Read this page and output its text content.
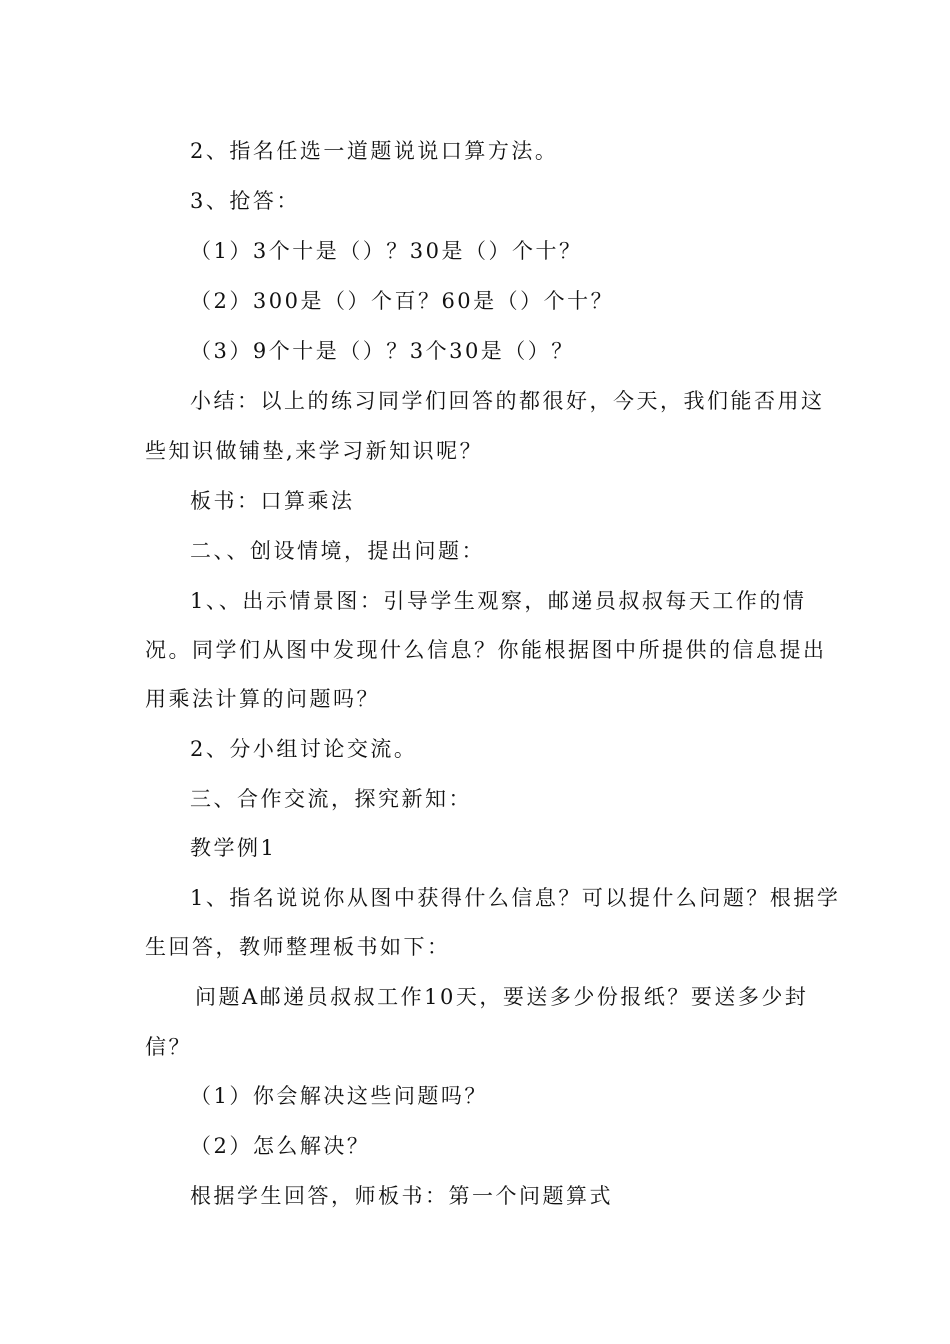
2、指名任选一道题说说口算方法。
3、抢答：
（1）3个十是（）？30是（）个十？
（2）300是（）个百？60是（）个十？
（3）9个十是（）？3个30是（）？
小结：以上的练习同学们回答的都很好，今天，我们能否用这
些知识做铺垫,来学习新知识呢？
板书：口算乘法
二、、创设情境，提出问题：
1、、出示情景图：引导学生观察，邮递员叔叔每天工作的情
况。同学们从图中发现什么信息？你能根据图中所提供的信息提出
用乘法计算的问题吗？
2、分小组讨论交流。
三、合作交流，探究新知：
教学例1
1、指名说说你从图中获得什么信息？可以提什么问题？根据学
生回答，教师整理板书如下：
问题A邮递员叔叔工作10天，要送多少份报纸？要送多少封
信？
（1）你会解决这些问题吗？
（2）怎么解决？
根据学生回答，师板书：第一个问题算式
